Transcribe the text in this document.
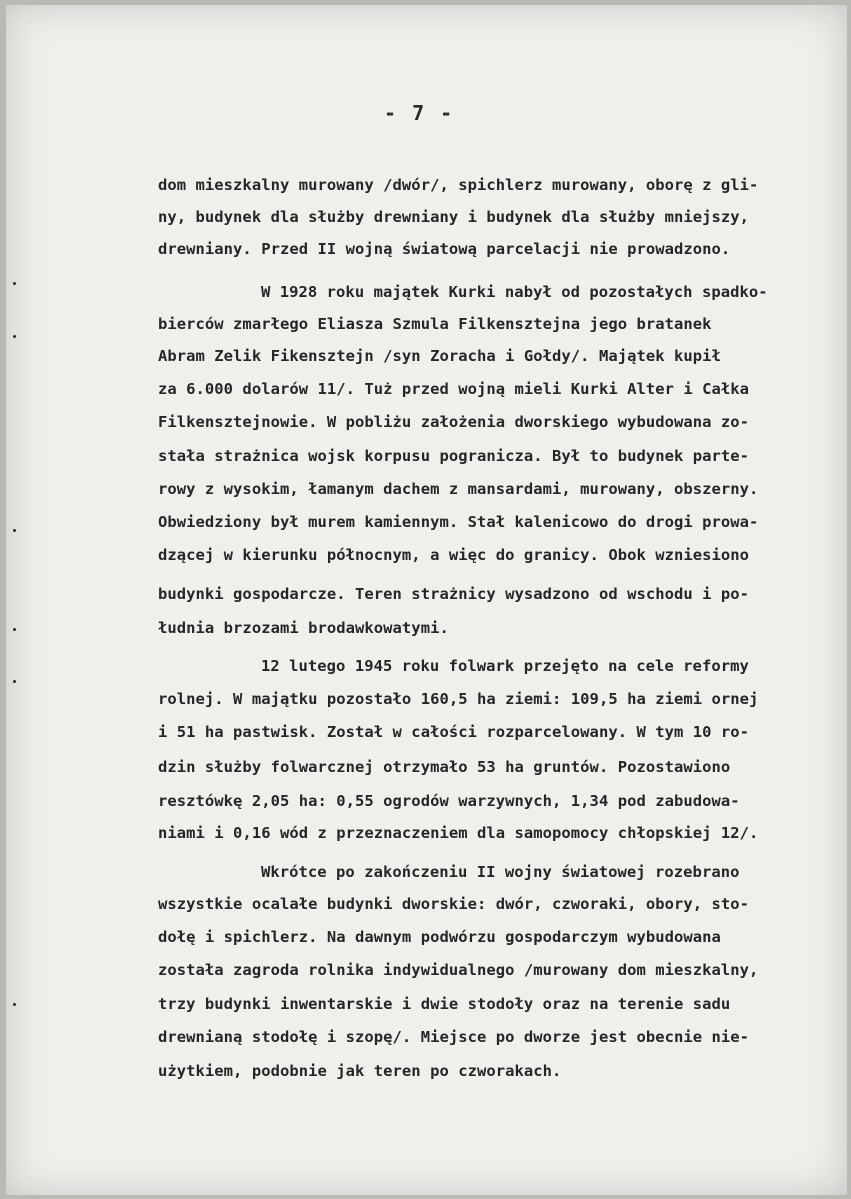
- 7 -
dom mieszkalny murowany /dwór/, spichlerz murowany, oborę z gli-
ny, budynek dla służby drewniany i budynek dla służby mniejszy,
drewniany. Przed II wojną światową parcelacji nie prowadzono.
W 1928 roku majątek Kurki nabył od pozostałych spadko-
bierców zmarłego Eliasza Szmula Filkensztejna jego bratanek
Abram Zelik Fikensztejn /syn Zoracha i Gołdy/. Majątek kupił
za 6.000 dolarów 11/. Tuż przed wojną mieli Kurki Alter i Całka
Filkensztejnowie. W pobliżu założenia dworskiego wybudowana zo-
stała strażnica wojsk korpusu pogranicza. Był to budynek parte-
rowy z wysokim, łamanym dachem z mansardami, murowany, obszerny.
Obwiedziony był murem kamiennym. Stał kalenicowo do drogi prowa-
dzącej w kierunku północnym, a więc do granicy. Obok wzniesiono
budynki gospodarcze. Teren strażnicy wysadzono od wschodu i po-
łudnia brzozami brodawkowatymi.
12 lutego 1945 roku folwark przejęto na cele reformy
rolnej. W majątku pozostało 160,5 ha ziemi: 109,5 ha ziemi ornej
i 51 ha pastwisk. Został w całości rozparcelowany. W tym 10 ro-
dzin służby folwarcznej otrzymało 53 ha gruntów. Pozostawiono
resztówkę 2,05 ha: 0,55 ogrodów warzywnych, 1,34 pod zabudowa-
niami i 0,16 wód z przeznaczeniem dla samopomocy chłopskiej 12/.
Wkrótce po zakończeniu II wojny światowej rozebrano
wszystkie ocalałe budynki dworskie: dwór, czworaki, obory, sto-
dołę i spichlerz. Na dawnym podwórzu gospodarczym wybudowana
została zagroda rolnika indywidualnego /murowany dom mieszkalny,
trzy budynki inwentarskie i dwie stodoły oraz na terenie sadu
drewnianą stodołę i szopę/. Miejsce po dworze jest obecnie nie-
użytkiem, podobnie jak teren po czworakach.
